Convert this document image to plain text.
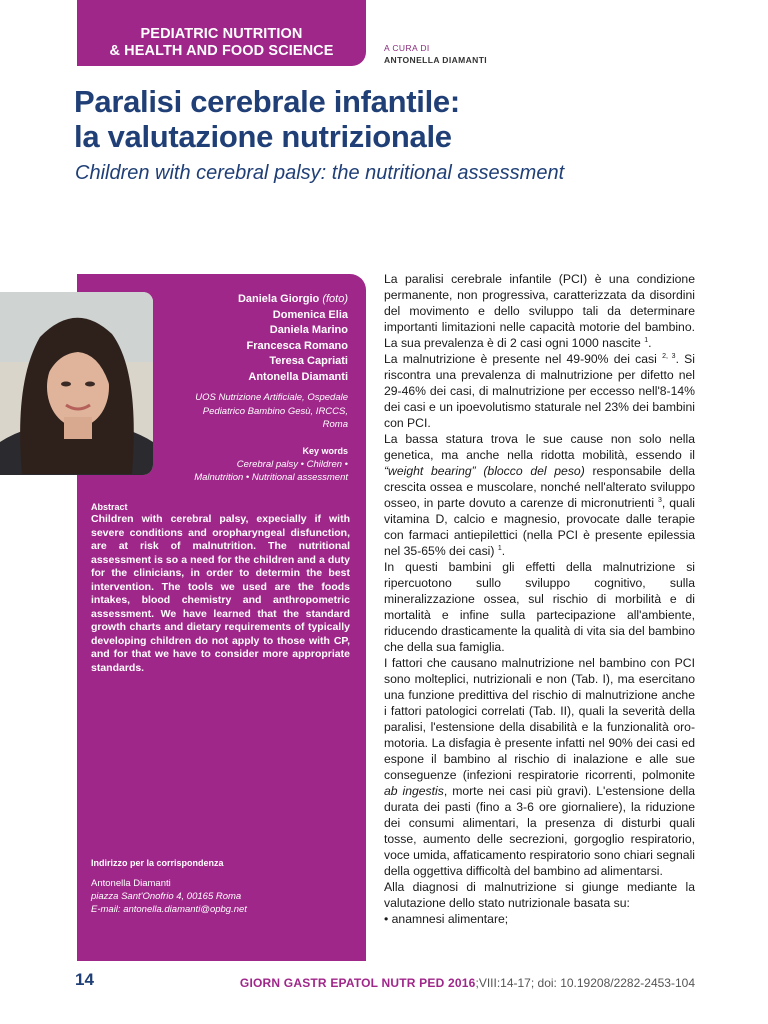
PEDIATRIC NUTRITION
& HEALTH AND FOOD SCIENCE	A CURA DI
ANTONELLA DIAMANTI
Paralisi cerebrale infantile:
la valutazione nutrizionale
Children with cerebral palsy: the nutritional assessment
Daniela Giorgio (foto)
Domenica Elia
Daniela Marino
Francesca Romano
Teresa Capriati
Antonella Diamanti
UOS Nutrizione Artificiale, Ospedale
Pediatrico Bambino Gesù, IRCCS,
Roma
Key words
Cerebral palsy • Children •
Malnutrition • Nutritional assessment
Abstract
Children with cerebral palsy, expecially if with severe conditions and oropharyngeal disfunction, are at risk of malnutrition. The nutritional assessment is so a need for the children and a duty for the clinicians, in order to determin the best intervention. The tools we used are the foods intakes, blood chemistry and anthropometric assessment. We have learned that the standard growth charts and dietary requirements of typically developing children do not apply to those with CP, and for that we have to consider more appropriate standards.
Indirizzo per la corrispondenza
Antonella Diamanti
piazza Sant'Onofrio 4, 00165 Roma
E-mail: antonella.diamanti@opbg.net

La paralisi cerebrale infantile (PCI) è una condizione permanente, non progressiva, caratterizzata da disordini del movimento e dello sviluppo tali da determinare importanti limitazioni nelle capacità motorie del bambino. La sua prevalenza è di 2 casi ogni 1000 nascite $^1$.

La malnutrizione è presente nel 49-90% dei casi $^{2, 3}$. Si riscontra una prevalenza di malnutrizione per difetto nel 29-46% dei casi, di malnutrizione per eccesso nell'8-14% dei casi e un ipoevolutismo staturale nel 23% dei bambini con PCI.

La bassa statura trova le sue cause non solo nella genetica, ma anche nella ridotta mobilità, essendo il “weight bearing” (blocco del peso) responsabile della crescita ossea e muscolare, nonché nell'alterato sviluppo osseo, in parte dovuto a carenze di micronutrienti $^3$, quali vitamina D, calcio e magnesio, provocate dalle terapie con farmaci antiepilettici (nella PCI è presente epilessia nel 35-65% dei casi) $^1$.

In questi bambini gli effetti della malnutrizione si ripercuotono sullo sviluppo cognitivo, sulla mineralizzazione ossea, sul rischio di morbilità e di mortalità e infine sulla partecipazione all'ambiente, riducendo drasticamente la qualità di vita sia del bambino che della sua famiglia.

I fattori che causano malnutrizione nel bambino con PCI sono molteplici, nutrizionali e non (Tab. I), ma esercitano una funzione predittiva del rischio di malnutrizione anche i fattori patologici correlati (Tab. II), quali la severità della paralisi, l'estensione della disabilità e la funzionalità oro-motoria. La disfagia è presente infatti nel 90% dei casi ed espone il bambino al rischio di inalazione e alle sue conseguenze (infezioni respiratorie ricorrenti, polmonite ab ingestis, morte nei casi più gravi). L'estensione della durata dei pasti (fino a 3-6 ore giornaliere), la riduzione dei consumi alimentari, la presenza di disturbi quali tosse, aumento delle secrezioni, gorgoglio respiratorio, voce umida, affaticamento respiratorio sono chiari segnali della oggettiva difficoltà del bambino ad alimentarsi.

Alla diagnosi di malnutrizione si giunge mediante la valutazione dello stato nutrizionale basata su:

• anamnesi alimentare;

14	GIORN GASTR EPATOL NUTR PED 2016;VIII:14-17; doi: 10.19208/2282-2453-104
